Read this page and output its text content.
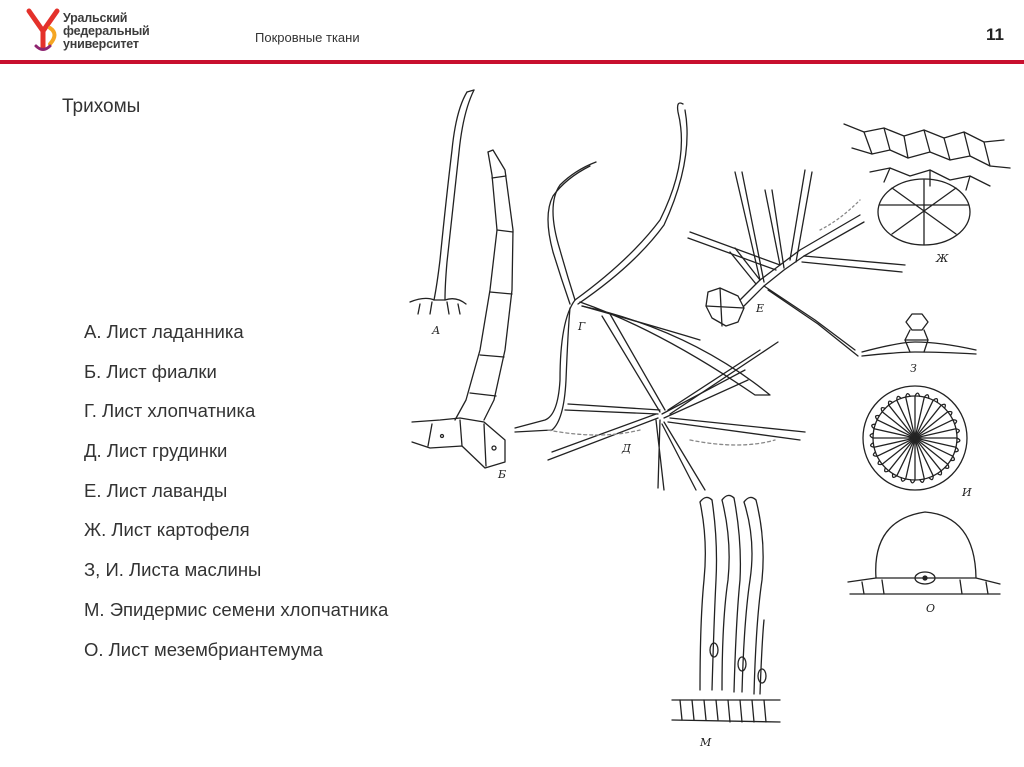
Уральский
федеральный
университет	Покровные ткани	11
Трихомы
А
Б
Г
Д
Е
Ж
З
И
О
М
А. Лист ладанника
Б. Лист фиалки
Г. Лист хлопчатника
Д. Лист грудинки
Е. Лист лаванды
Ж. Лист картофеля
З, И. Листа маслины
М. Эпидермис семени хлопчатника
О. Лист мезембриантемума
